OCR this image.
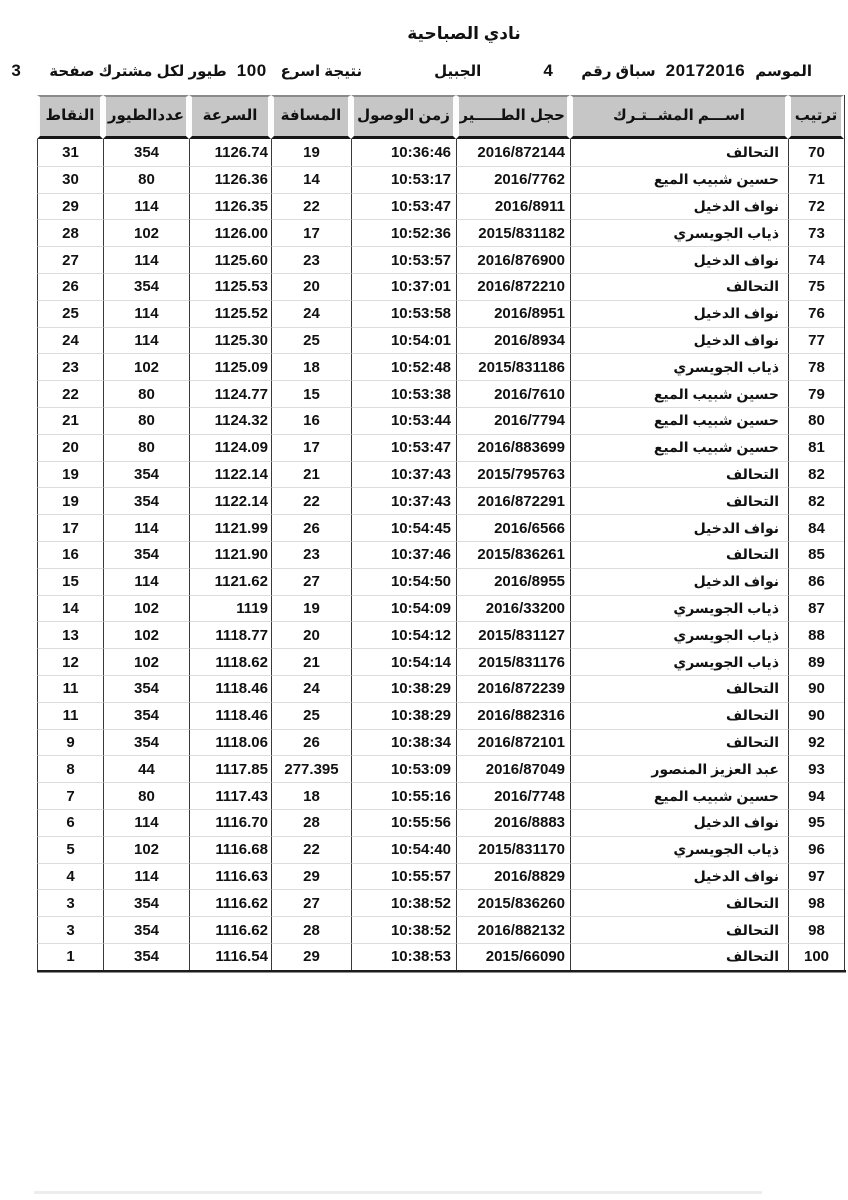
نادي الصباحية
الموسم
20172016
سباق رقم
4
الجبيل
نتيجة اسرع
100
طيور لكل مشترك صفحة
3
ترتيب	اســـم المشــتـرك	حجل الطـــــير	زمن الوصول	المسافة	السرعة	عددالطيور	النقاط
70	التحالف	2016/872144	10:36:46	19	1126.74	354	31
71	حسين شبيب الميع	2016/7762	10:53:17	14	1126.36	80	30
72	نواف الدخيل	2016/8911	10:53:47	22	1126.35	114	29
73	ذياب الجويسري	2015/831182	10:52:36	17	1126.00	102	28
74	نواف الدخيل	2016/876900	10:53:57	23	1125.60	114	27
75	التحالف	2016/872210	10:37:01	20	1125.53	354	26
76	نواف الدخيل	2016/8951	10:53:58	24	1125.52	114	25
77	نواف الدخيل	2016/8934	10:54:01	25	1125.30	114	24
78	ذياب الجويسري	2015/831186	10:52:48	18	1125.09	102	23
79	حسين شبيب الميع	2016/7610	10:53:38	15	1124.77	80	22
80	حسين شبيب الميع	2016/7794	10:53:44	16	1124.32	80	21
81	حسين شبيب الميع	2016/883699	10:53:47	17	1124.09	80	20
82	التحالف	2015/795763	10:37:43	21	1122.14	354	19
82	التحالف	2016/872291	10:37:43	22	1122.14	354	19
84	نواف الدخيل	2016/6566	10:54:45	26	1121.99	114	17
85	التحالف	2015/836261	10:37:46	23	1121.90	354	16
86	نواف الدخيل	2016/8955	10:54:50	27	1121.62	114	15
87	ذياب الجويسري	2016/33200	10:54:09	19	1119	102	14
88	ذياب الجويسري	2015/831127	10:54:12	20	1118.77	102	13
89	ذياب الجويسري	2015/831176	10:54:14	21	1118.62	102	12
90	التحالف	2016/872239	10:38:29	24	1118.46	354	11
90	التحالف	2016/882316	10:38:29	25	1118.46	354	11
92	التحالف	2016/872101	10:38:34	26	1118.06	354	9
93	عبد العزيز المنصور	2016/87049	10:53:09	277.395	1117.85	44	8
94	حسين شبيب الميع	2016/7748	10:55:16	18	1117.43	80	7
95	نواف الدخيل	2016/8883	10:55:56	28	1116.70	114	6
96	ذياب الجويسري	2015/831170	10:54:40	22	1116.68	102	5
97	نواف الدخيل	2016/8829	10:55:57	29	1116.63	114	4
98	التحالف	2015/836260	10:38:52	27	1116.62	354	3
98	التحالف	2016/882132	10:38:52	28	1116.62	354	3
100	التحالف	2015/66090	10:38:53	29	1116.54	354	1
